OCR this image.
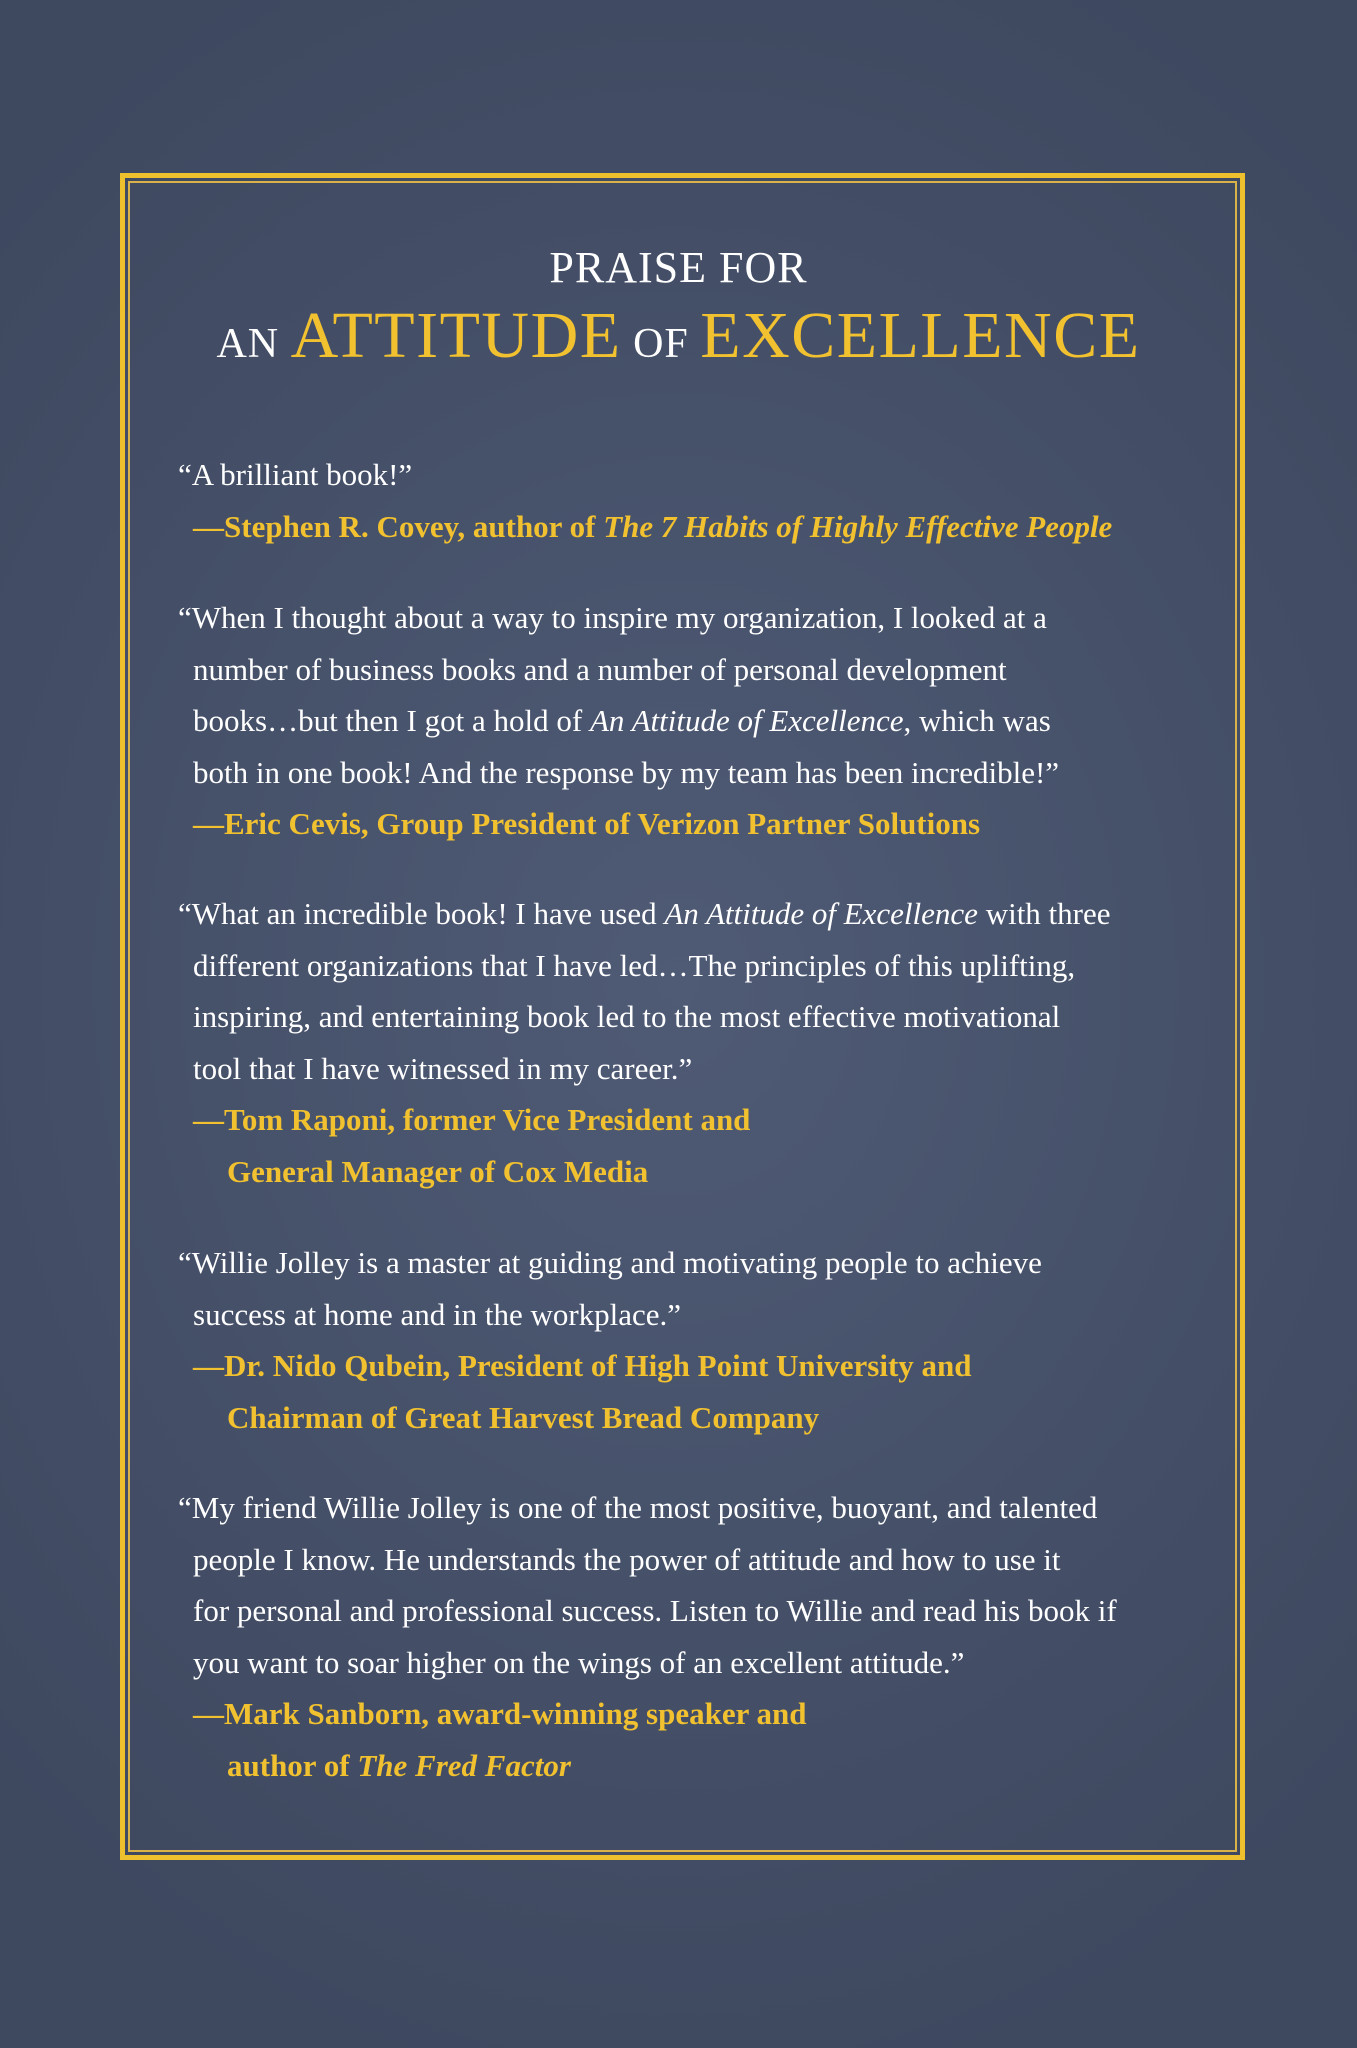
PRAISE FOR
AN ATTITUDE OF EXCELLENCE
“A brilliant book!”
—Stephen R. Covey, author of The 7 Habits of Highly Effective People
“When I thought about a way to inspire my organization, I looked at a
number of business books and a number of personal development
books…but then I got a hold of An Attitude of Excellence, which was
both in one book! And the response by my team has been incredible!”
—Eric Cevis, Group President of Verizon Partner Solutions
“What an incredible book! I have used An Attitude of Excellence with three
different organizations that I have led…The principles of this uplifting,
inspiring, and entertaining book led to the most effective motivational
tool that I have witnessed in my career.”
—Tom Raponi, former Vice President and
General Manager of Cox Media
“Willie Jolley is a master at guiding and motivating people to achieve
success at home and in the workplace.”
—Dr. Nido Qubein, President of High Point University and
Chairman of Great Harvest Bread Company
“My friend Willie Jolley is one of the most positive, buoyant, and talented
people I know. He understands the power of attitude and how to use it
for personal and professional success. Listen to Willie and read his book if
you want to soar higher on the wings of an excellent attitude.”
—Mark Sanborn, award-winning speaker and
author of The Fred Factor
